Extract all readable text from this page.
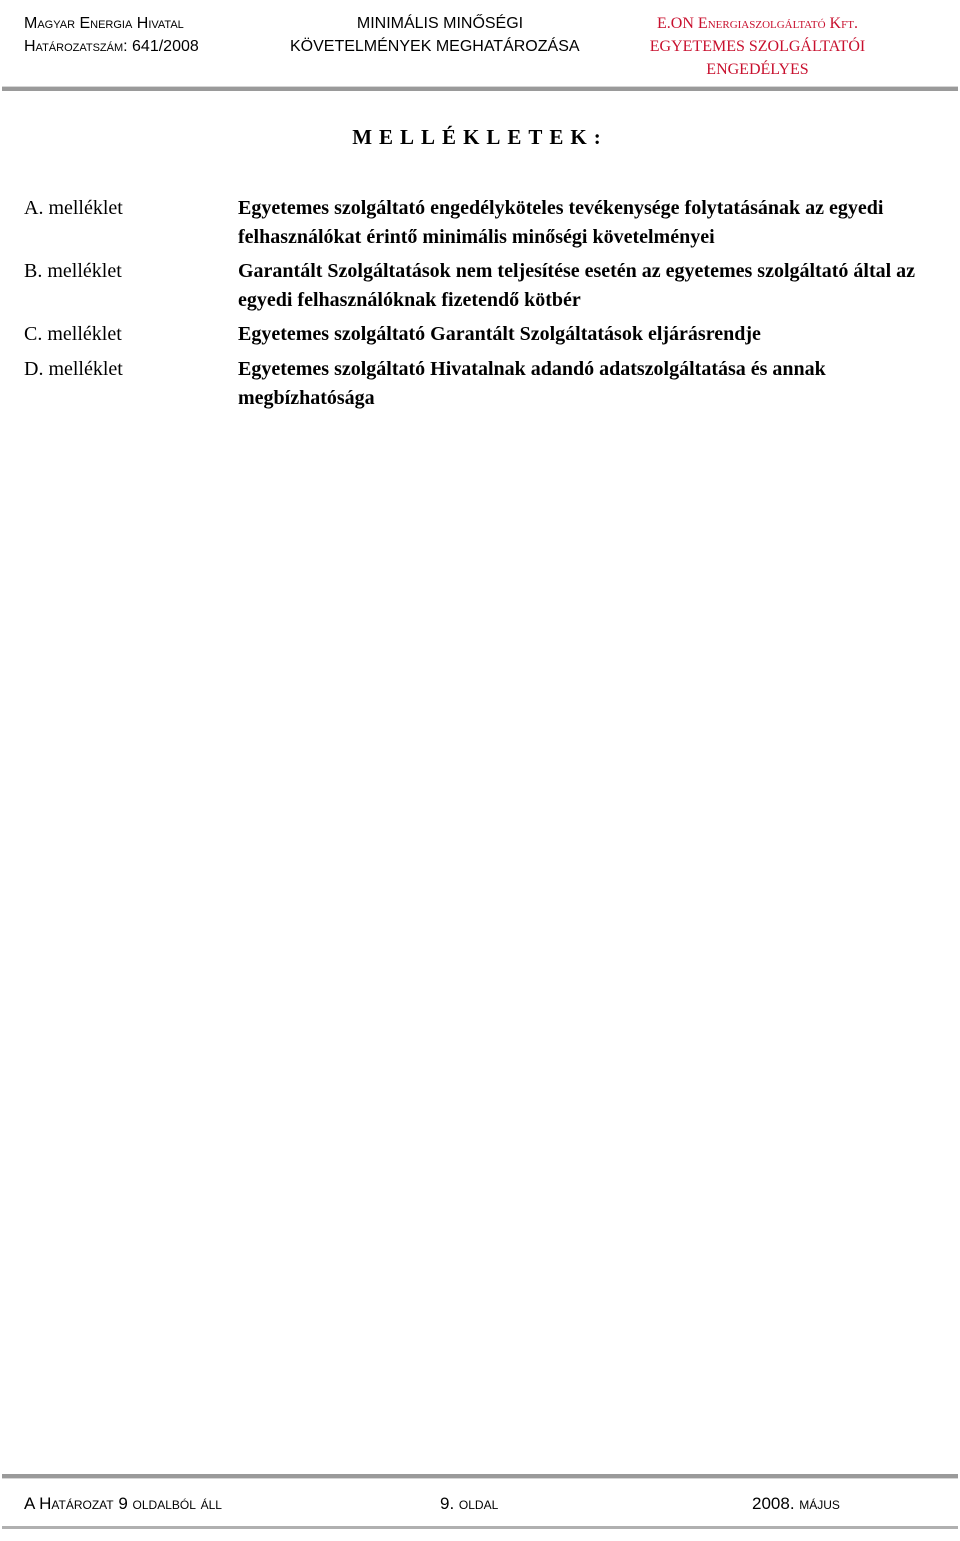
Magyar Energia Hivatal
Határozatszám: 641/2008
MINIMÁLIS MINŐSÉGI
KÖVETELMÉNYEK MEGHATÁROZÁSA
E.ON Energiaszolgáltató Kft.
EGYETEMES SZOLGÁLTATÓI
ENGEDÉLYES
MELLÉKLETEK:
A. melléklet	Egyetemes szolgáltató engedélyköteles tevékenysége folytatásának az egyedi felhasználókat érintő minimális minőségi követelményei
B. melléklet	Garantált Szolgáltatások nem teljesítése esetén az egyetemes szolgáltató által az egyedi felhasználóknak fizetendő kötbér
C. melléklet	Egyetemes szolgáltató Garantált Szolgáltatások eljárásrendje
D. melléklet	Egyetemes szolgáltató Hivatalnak adandó adatszolgáltatása és annak megbízhatósága
A Határozat 9 oldalból áll	9. oldal	2008. május
